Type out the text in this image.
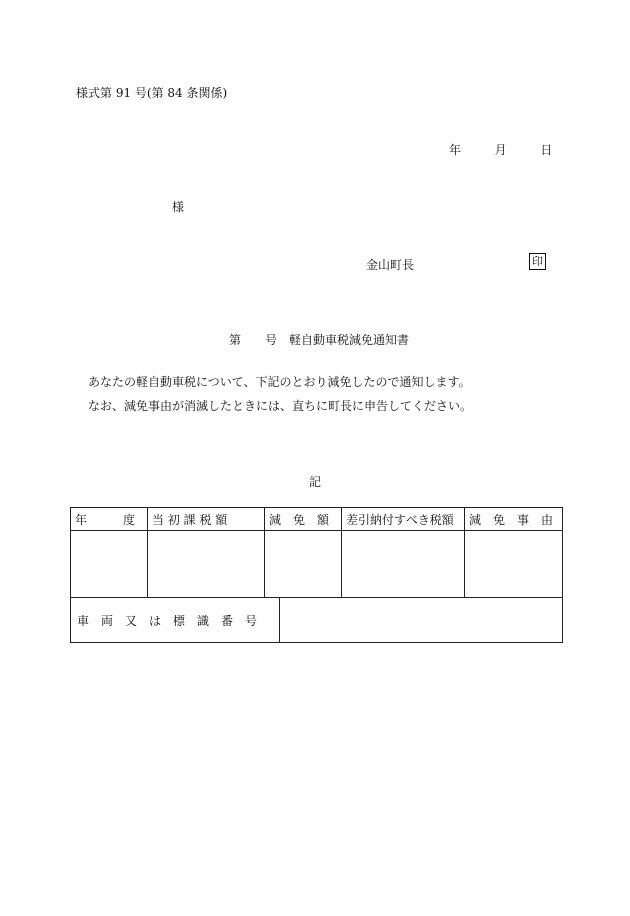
様式第 91 号(第 84 条関係)
年	月	日
様
金山町長	印
第　　号　軽自動車税減免通知書
あなたの軽自動車税について、下記のとおり減免したので通知します。
なお、減免事由が消滅したときには、直ちに町長に申告してください。
記
年　　　度	当 初 課 税 額	減　免　額	差引納付すべき税額	減　免　事　由

車　両　又　は　標　識　番　号	
